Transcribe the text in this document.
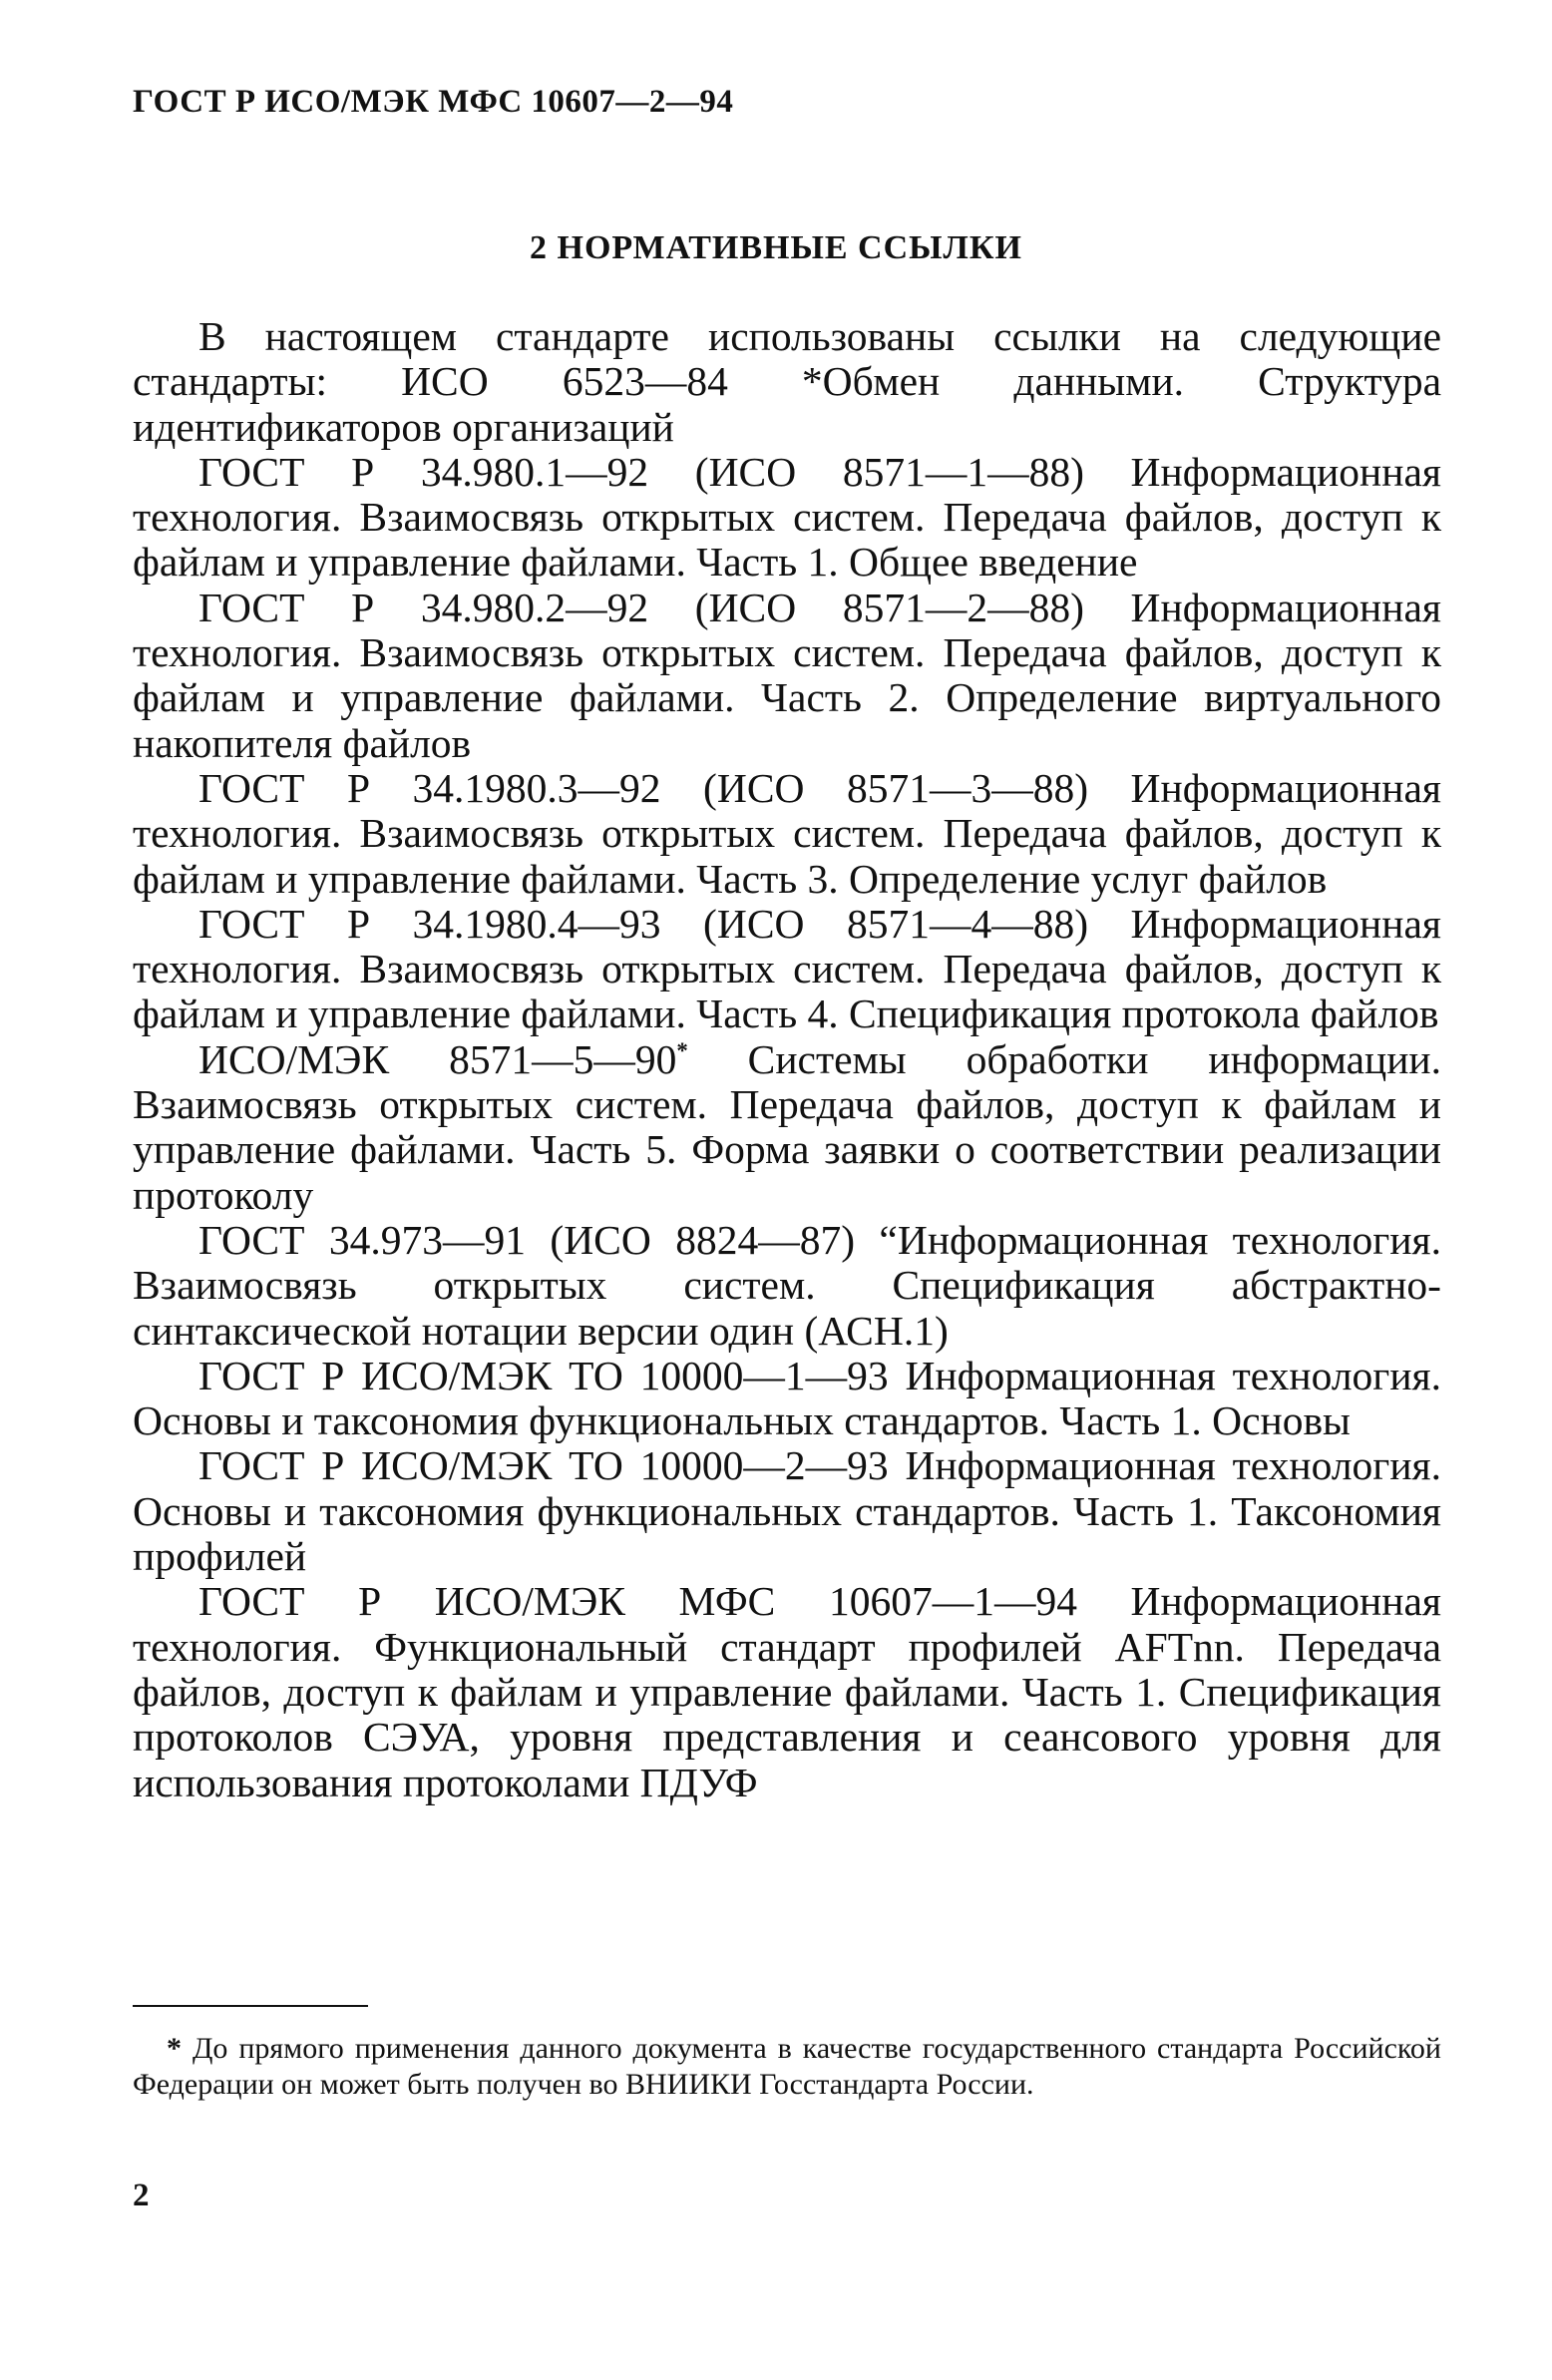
ГОСТ Р ИСО/МЭК МФС 10607—2—94

2 НОРМАТИВНЫЕ ССЫЛКИ

В настоящем стандарте использованы ссылки на следующие стандарты: ИСО 6523—84 *Обмен данными. Структура идентификаторов организаций

ГОСТ Р 34.980.1—92 (ИСО 8571—1—88) Информационная технология. Взаимосвязь открытых систем. Передача файлов, доступ к файлам и управление файлами. Часть 1. Общее введение

ГОСТ Р 34.980.2—92 (ИСО 8571—2—88) Информационная технология. Взаимосвязь открытых систем. Передача файлов, доступ к файлам и управление файлами. Часть 2. Определение виртуального накопителя файлов

ГОСТ Р 34.1980.3—92 (ИСО 8571—3—88) Информационная технология. Взаимосвязь открытых систем. Передача файлов, доступ к файлам и управление файлами. Часть 3. Определение услуг файлов

ГОСТ Р 34.1980.4—93 (ИСО 8571—4—88) Информационная технология. Взаимосвязь открытых систем. Передача файлов, доступ к файлам и управление файлами. Часть 4. Спецификация протокола файлов

ИСО/МЭК 8571—5—90* Системы обработки информации. Взаимосвязь открытых систем. Передача файлов, доступ к файлам и управление файлами. Часть 5. Форма заявки о соответствии реализации протоколу

ГОСТ 34.973—91 (ИСО 8824—87) “Информационная технология. Взаимосвязь открытых систем. Спецификация абстрактно-синтаксической нотации версии один (АСН.1)

ГОСТ Р ИСО/МЭК ТО 10000—1—93 Информационная технология. Основы и таксономия функциональных стандартов. Часть 1. Основы

ГОСТ Р ИСО/МЭК ТО 10000—2—93 Информационная технология. Основы и таксономия функциональных стандартов. Часть 1. Таксономия профилей

ГОСТ Р ИСО/МЭК МФС 10607—1—94 Информационная технология. Функциональный стандарт профилей AFTnn. Передача файлов, доступ к файлам и управление файлами. Часть 1. Спецификация протоколов СЭУА, уровня представления и сеансового уровня для использования протоколами ПДУФ

* До прямого применения данного документа в качестве государственного стандарта Российской Федерации он может быть получен во ВНИИКИ Госстандарта России.

2
